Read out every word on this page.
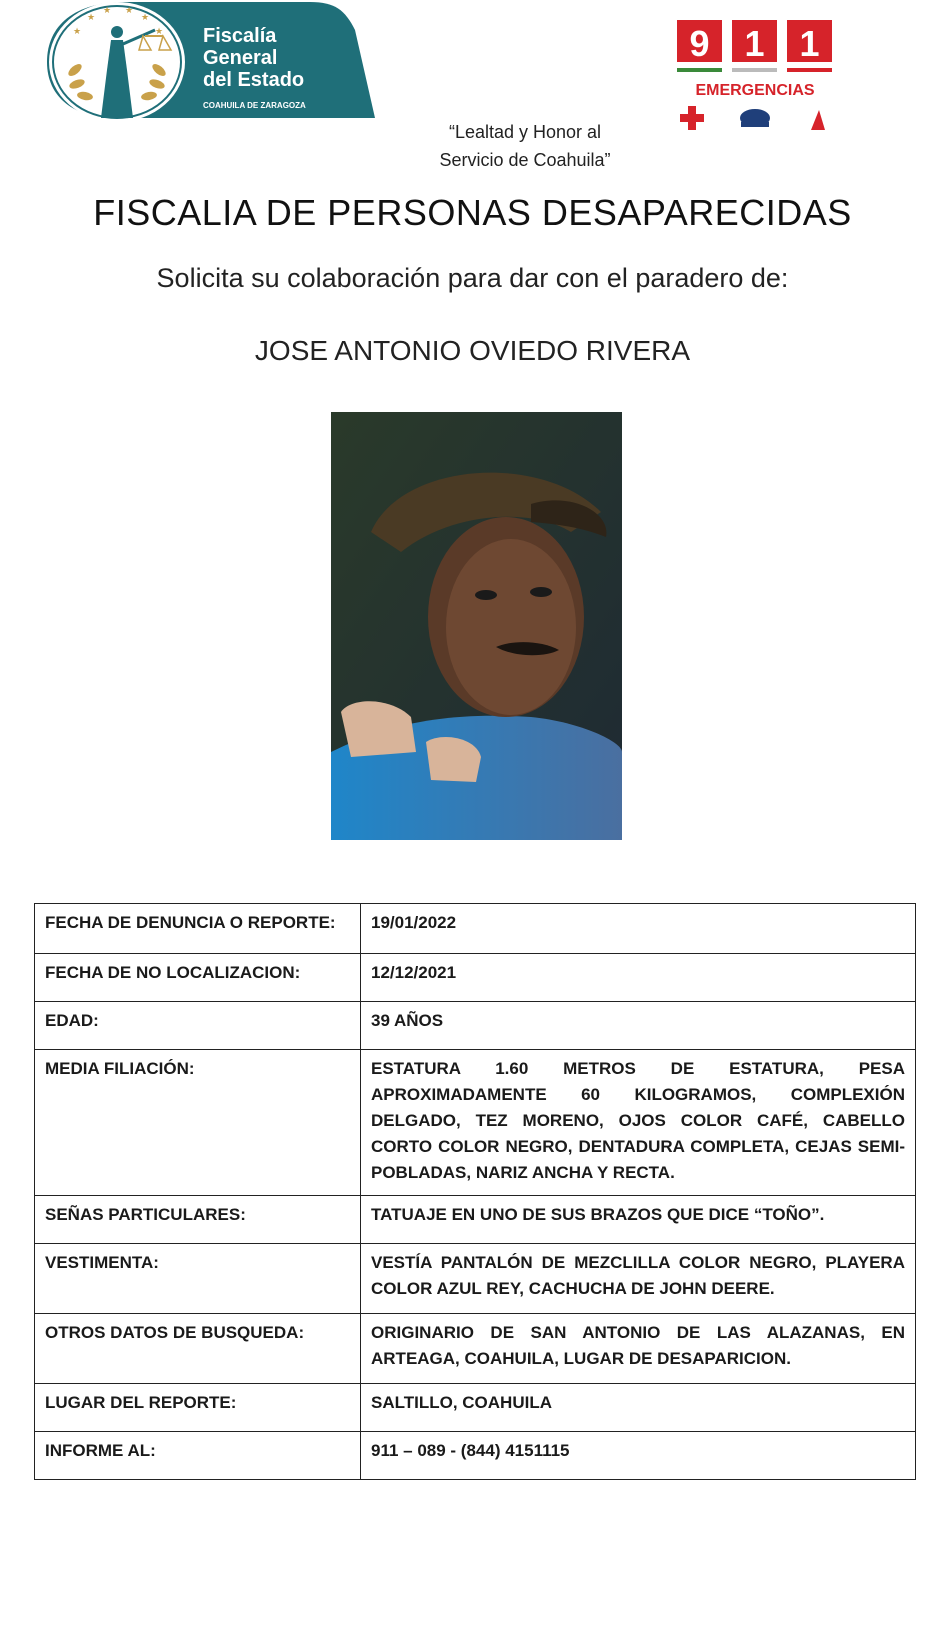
★
★
★ ★
★
★ Fiscalía
General
del Estado
COAHUILA DE ZARAGOZA
9 1 1
EMERGENCIAS
“Lealtad y Honor al
Servicio de Coahuila”
FISCALIA DE PERSONAS DESAPARECIDAS
Solicita su colaboración para dar con el paradero de:
JOSE ANTONIO OVIEDO RIVERA
FECHA DE DENUNCIA O REPORTE:	19/01/2022
FECHA DE NO LOCALIZACION:	12/12/2021
EDAD:	39 AÑOS
MEDIA FILIACIÓN:	ESTATURA 1.60 METROS DE ESTATURA, PESA APROXIMADAMENTE 60 KILOGRAMOS, COMPLEXIÓN DELGADO, TEZ MORENO, OJOS COLOR CAFÉ, CABELLO CORTO COLOR NEGRO, DENTADURA COMPLETA, CEJAS SEMI-POBLADAS, NARIZ ANCHA Y RECTA.
SEÑAS PARTICULARES:	TATUAJE EN UNO DE SUS BRAZOS QUE DICE “TOÑO”.
VESTIMENTA:	VESTÍA PANTALÓN DE MEZCLILLA COLOR NEGRO, PLAYERA COLOR AZUL REY, CACHUCHA DE JOHN DEERE.
OTROS DATOS DE BUSQUEDA:	ORIGINARIO DE SAN ANTONIO DE LAS ALAZANAS, EN ARTEAGA, COAHUILA, LUGAR DE DESAPARICION.
LUGAR DEL REPORTE:	SALTILLO, COAHUILA
INFORME AL:	911 – 089 - (844) 4151115
